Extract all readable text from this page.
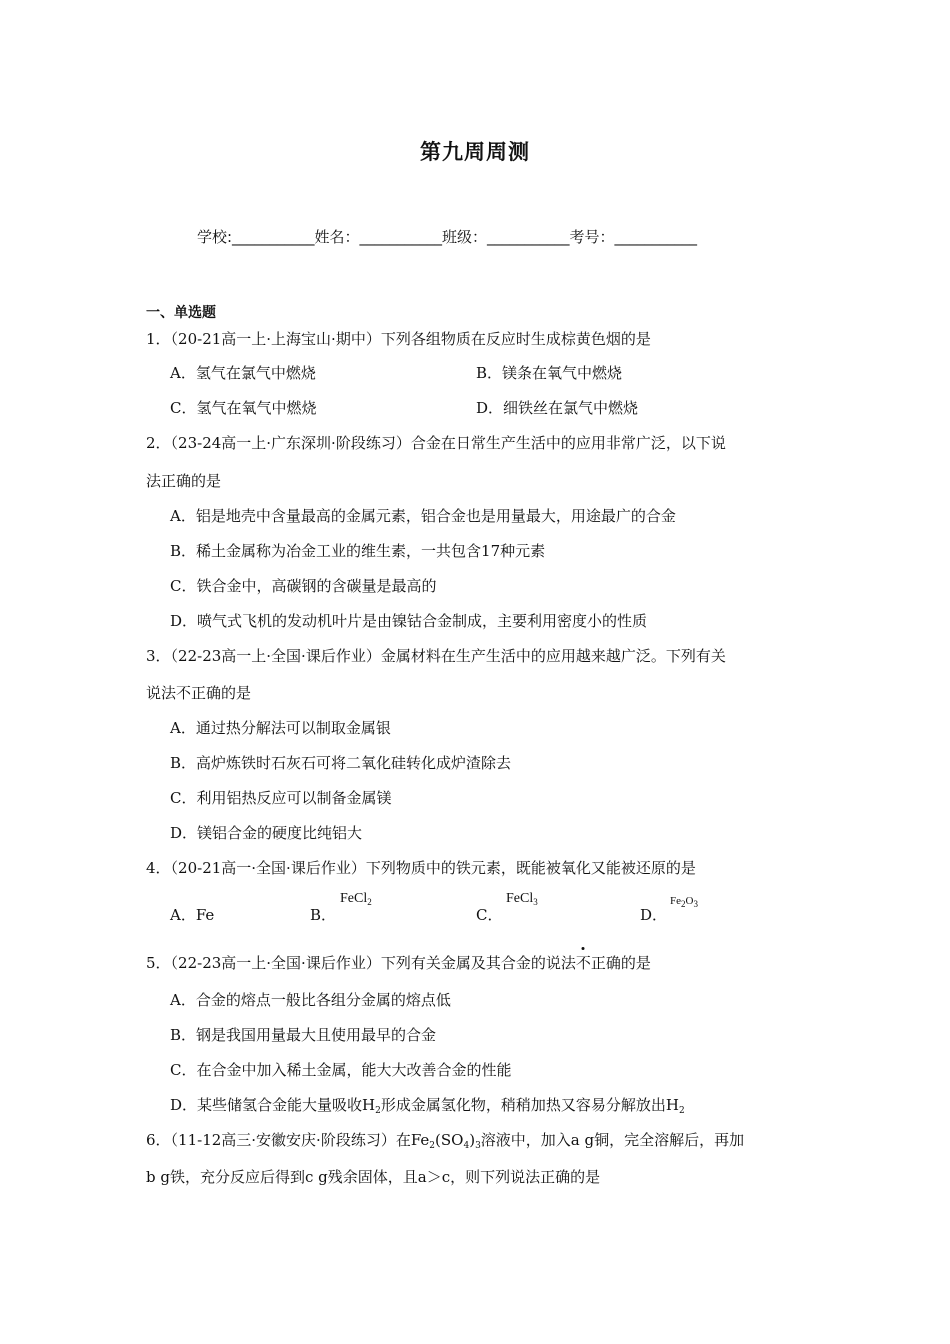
第九周周测
学校:___________姓名：___________班级：___________考号：___________
一、单选题
1．（20-21高一上·上海宝山·期中）下列各组物质在反应时生成棕黄色烟的是
A．氢气在氯气中燃烧	B．镁条在氧气中燃烧
C．氢气在氧气中燃烧	D．细铁丝在氯气中燃烧
2．（23-24高一上·广东深圳·阶段练习）合金在日常生产生活中的应用非常广泛，以下说
法正确的是
A．铝是地壳中含量最高的金属元素，铝合金也是用量最大，用途最广的合金
B．稀土金属称为冶金工业的维生素，一共包含17种元素
C．铁合金中，高碳钢的含碳量是最高的
D．喷气式飞机的发动机叶片是由镍钴合金制成，主要利用密度小的性质
3．（22-23高一上·全国·课后作业）金属材料在生产生活中的应用越来越广泛。下列有关
说法不正确的是
A．通过热分解法可以制取金属银
B．高炉炼铁时石灰石可将二氧化硅转化成炉渣除去
C．利用铝热反应可以制备金属镁
D．镁铝合金的硬度比纯铝大
4．（20-21高一·全国·课后作业）下列物质中的铁元素，既能被氧化又能被还原的是
A．Fe	B．
FeCl$_2$
C．
FeCl$_3$
D．
$Fe_2O_3$
5．（22-23高一上·全国·课后作业）下列有关金属及其合金的说法不正确的是
A．合金的熔点一般比各组分金属的熔点低
B．钢是我国用量最大且使用最早的合金
C．在合金中加入稀土金属，能大大改善合金的性能
D．某些储氢合金能大量吸收$H_2$形成金属氢化物，稍稍加热又容易分解放出$H_2$
6．（11-12高三·安徽安庆·阶段练习）在$Fe_2(SO_4)_3$溶液中，加入a g铜，完全溶解后，再加
b g铁，充分反应后得到c g残余固体，且a＞c，则下列说法正确的是
